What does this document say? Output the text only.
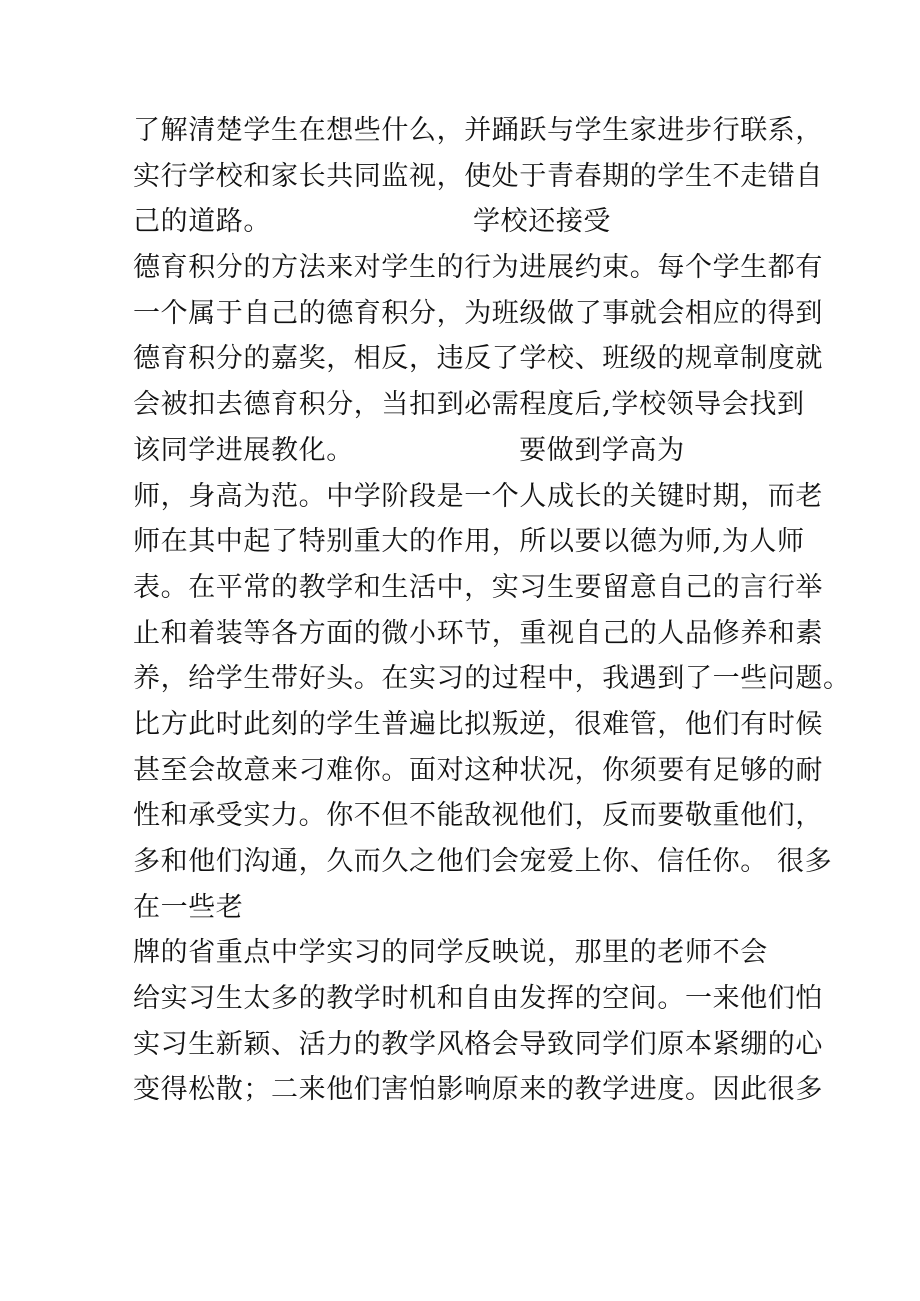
了解清楚学生在想些什么，并踊跃与学生家进步行联系，
实行学校和家长共同监视，使处于青春期的学生不走错自
己的道路。                      学校还接受
德育积分的方法来对学生的行为进展约束。每个学生都有
一个属于自己的德育积分，为班级做了事就会相应的得到
德育积分的嘉奖，相反，违反了学校、班级的规章制度就
会被扣去德育积分，当扣到必需程度后,学校领导会找到
该同学进展教化。                  要做到学高为
师，身高为范。中学阶段是一个人成长的关键时期，而老
师在其中起了特别重大的作用，所以要以德为师,为人师
表。在平常的教学和生活中，实习生要留意自己的言行举
止和着装等各方面的微小环节，重视自己的人品修养和素
养，给学生带好头。在实习的过程中，我遇到了一些问题。
比方此时此刻的学生普遍比拟叛逆，很难管，他们有时候
甚至会故意来刁难你。面对这种状况，你须要有足够的耐
性和承受实力。你不但不能敌视他们，反而要敬重他们，
多和他们沟通，久而久之他们会宠爱上你、信任你。 很多
在一些老
牌的省重点中学实习的同学反映说，那里的老师不会
给实习生太多的教学时机和自由发挥的空间。一来他们怕
实习生新颖、活力的教学风格会导致同学们原本紧绷的心
变得松散；二来他们害怕影响原来的教学进度。因此很多
